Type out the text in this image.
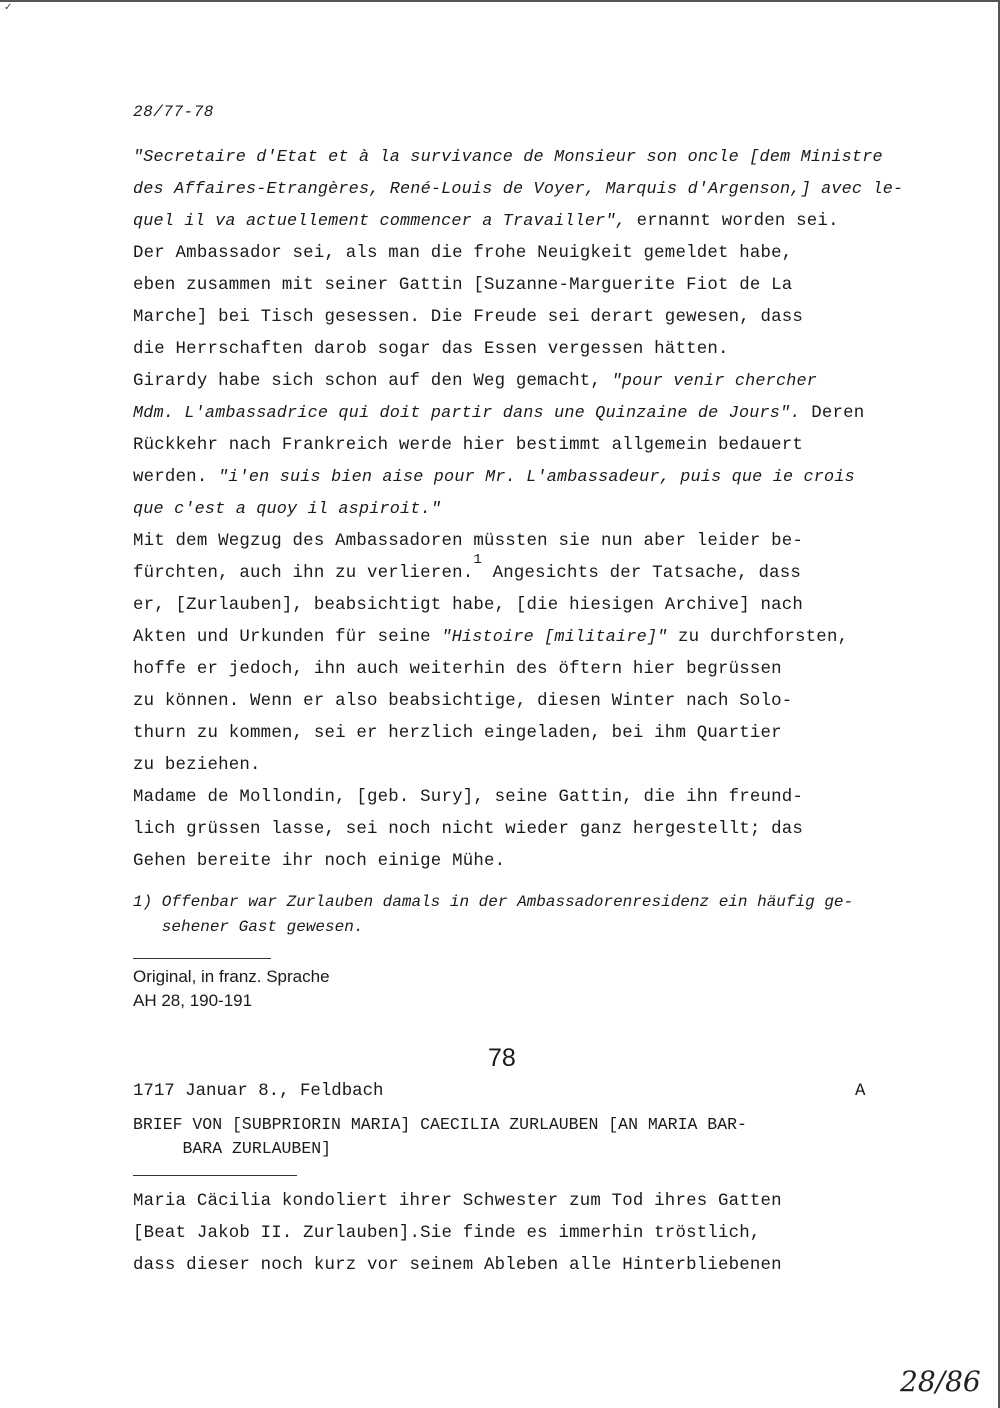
✓
28/77-78
"Secretaire d'Etat et à la survivance de Monsieur son oncle [dem Ministre
des Affaires-Etrangères, René-Louis de Voyer, Marquis d'Argenson,] avec le-
quel il va actuellement commencer a Travailler", ernannt worden sei.
Der Ambassador sei, als man die frohe Neuigkeit gemeldet habe,
eben zusammen mit seiner Gattin [Suzanne-Marguerite Fiot de La
Marche] bei Tisch gesessen. Die Freude sei derart gewesen, dass
die Herrschaften darob sogar das Essen vergessen hätten.
Girardy habe sich schon auf den Weg gemacht, "pour venir chercher
Mdm. L'ambassadrice qui doit partir dans une Quinzaine de Jours". Deren
Rückkehr nach Frankreich werde hier bestimmt allgemein bedauert
werden. "i'en suis bien aise pour Mr. L'ambassadeur, puis que ie crois
que c'est a quoy il aspiroit."
Mit dem Wegzug des Ambassadoren müssten sie nun aber leider be-
fürchten, auch ihn zu verlieren.$^1$ Angesichts der Tatsache, dass
er, [Zurlauben], beabsichtigt habe, [die hiesigen Archive] nach
Akten und Urkunden für seine "Histoire [militaire]" zu durchforsten,
hoffe er jedoch, ihn auch weiterhin des öftern hier begrüssen
zu können. Wenn er also beabsichtige, diesen Winter nach Solo-
thurn zu kommen, sei er herzlich eingeladen, bei ihm Quartier
zu beziehen.
Madame de Mollondin, [geb. Sury], seine Gattin, die ihn freund-
lich grüssen lasse, sei noch nicht wieder ganz hergestellt; das
Gehen bereite ihr noch einige Mühe.
1) Offenbar war Zurlauben damals in der Ambassadorenresidenz ein häufig ge-
sehener Gast gewesen.
Original, in franz. Sprache
AH 28, 190-191
78
1717 Januar 8., Feldbach	A
BRIEF VON [SUBPRIORIN MARIA] CAECILIA ZURLAUBEN [AN MARIA BAR-
BARA ZURLAUBEN]
Maria Cäcilia kondoliert ihrer Schwester zum Tod ihres Gatten
[Beat Jakob II. Zurlauben].Sie finde es immerhin tröstlich,
dass dieser noch kurz vor seinem Ableben alle Hinterbliebenen
28/86
